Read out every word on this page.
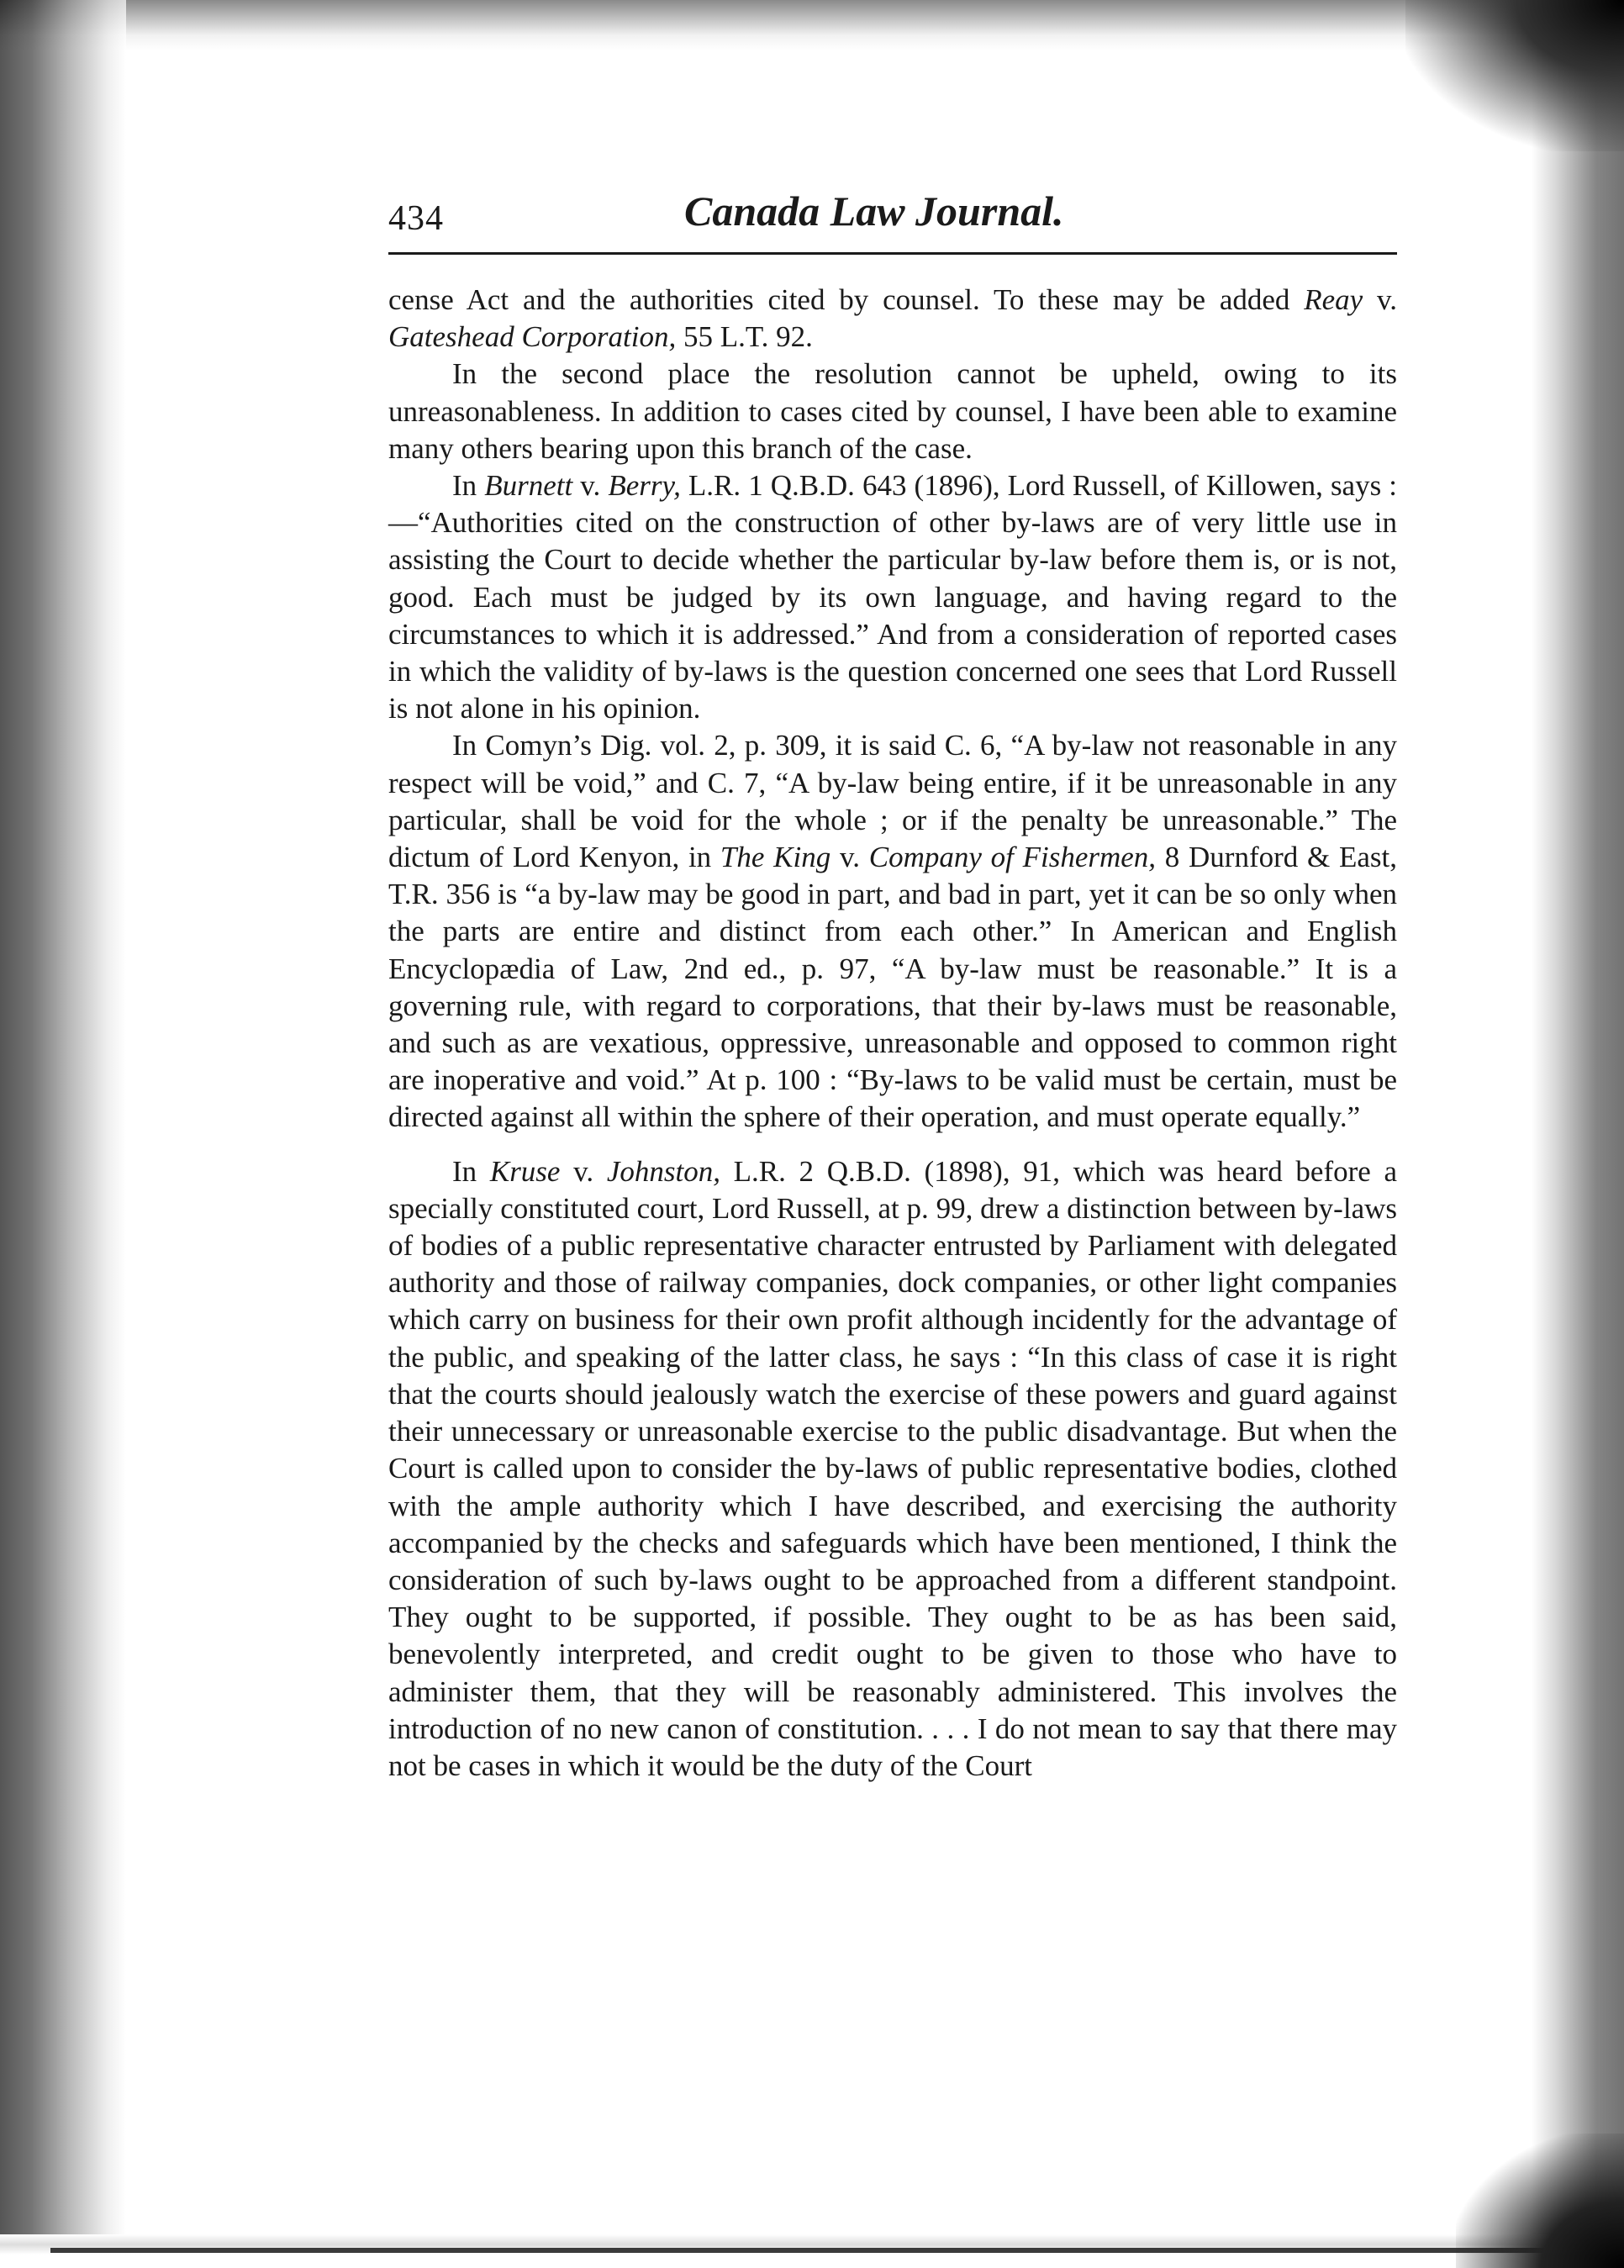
434	Canada Law Journal.

cense Act and the authorities cited by counsel. To these may be added Reay v. Gateshead Corporation, 55 L.T. 92.

In the second place the resolution cannot be upheld, owing to its unreasonableness. In addition to cases cited by counsel, I have been able to examine many others bearing upon this branch of the case.

In Burnett v. Berry, L.R. 1 Q.B.D. 643 (1896), Lord Russell, of Killowen, says :—“Authorities cited on the construction of other by-laws are of very little use in assisting the Court to decide whether the particular by-law before them is, or is not, good. Each must be judged by its own language, and having regard to the circumstances to which it is addressed.” And from a consideration of reported cases in which the validity of by-laws is the question concerned one sees that Lord Russell is not alone in his opinion.

In Comyn’s Dig. vol. 2, p. 309, it is said C. 6, “A by-law not reasonable in any respect will be void,” and C. 7, “A by-law being entire, if it be unreasonable in any particular, shall be void for the whole ; or if the penalty be unreasonable.” The dictum of Lord Kenyon, in The King v. Company of Fishermen, 8 Durnford & East, T.R. 356 is “a by-law may be good in part, and bad in part, yet it can be so only when the parts are entire and distinct from each other.” In American and English Encyclopædia of Law, 2nd ed., p. 97, “A by-law must be reasonable.” It is a governing rule, with regard to corporations, that their by-laws must be reasonable, and such as are vexatious, oppressive, unreasonable and opposed to common right are inoperative and void.” At p. 100 : “By-laws to be valid must be certain, must be directed against all within the sphere of their operation, and must operate equally.”

In Kruse v. Johnston, L.R. 2 Q.B.D. (1898), 91, which was heard before a specially constituted court, Lord Russell, at p. 99, drew a distinction between by-laws of bodies of a public representative character entrusted by Parliament with delegated authority and those of railway companies, dock companies, or other light companies which carry on business for their own profit although incidently for the advantage of the public, and speaking of the latter class, he says : “In this class of case it is right that the courts should jealously watch the exercise of these powers and guard against their unnecessary or unreasonable exercise to the public disadvantage. But when the Court is called upon to consider the by-laws of public representative bodies, clothed with the ample authority which I have described, and exercising the authority accompanied by the checks and safeguards which have been mentioned, I think the consideration of such by-laws ought to be approached from a different standpoint. They ought to be supported, if possible. They ought to be as has been said, benevolently interpreted, and credit ought to be given to those who have to administer them, that they will be reasonably administered. This involves the introduction of no new canon of constitution. . . . I do not mean to say that there may not be cases in which it would be the duty of the Court
